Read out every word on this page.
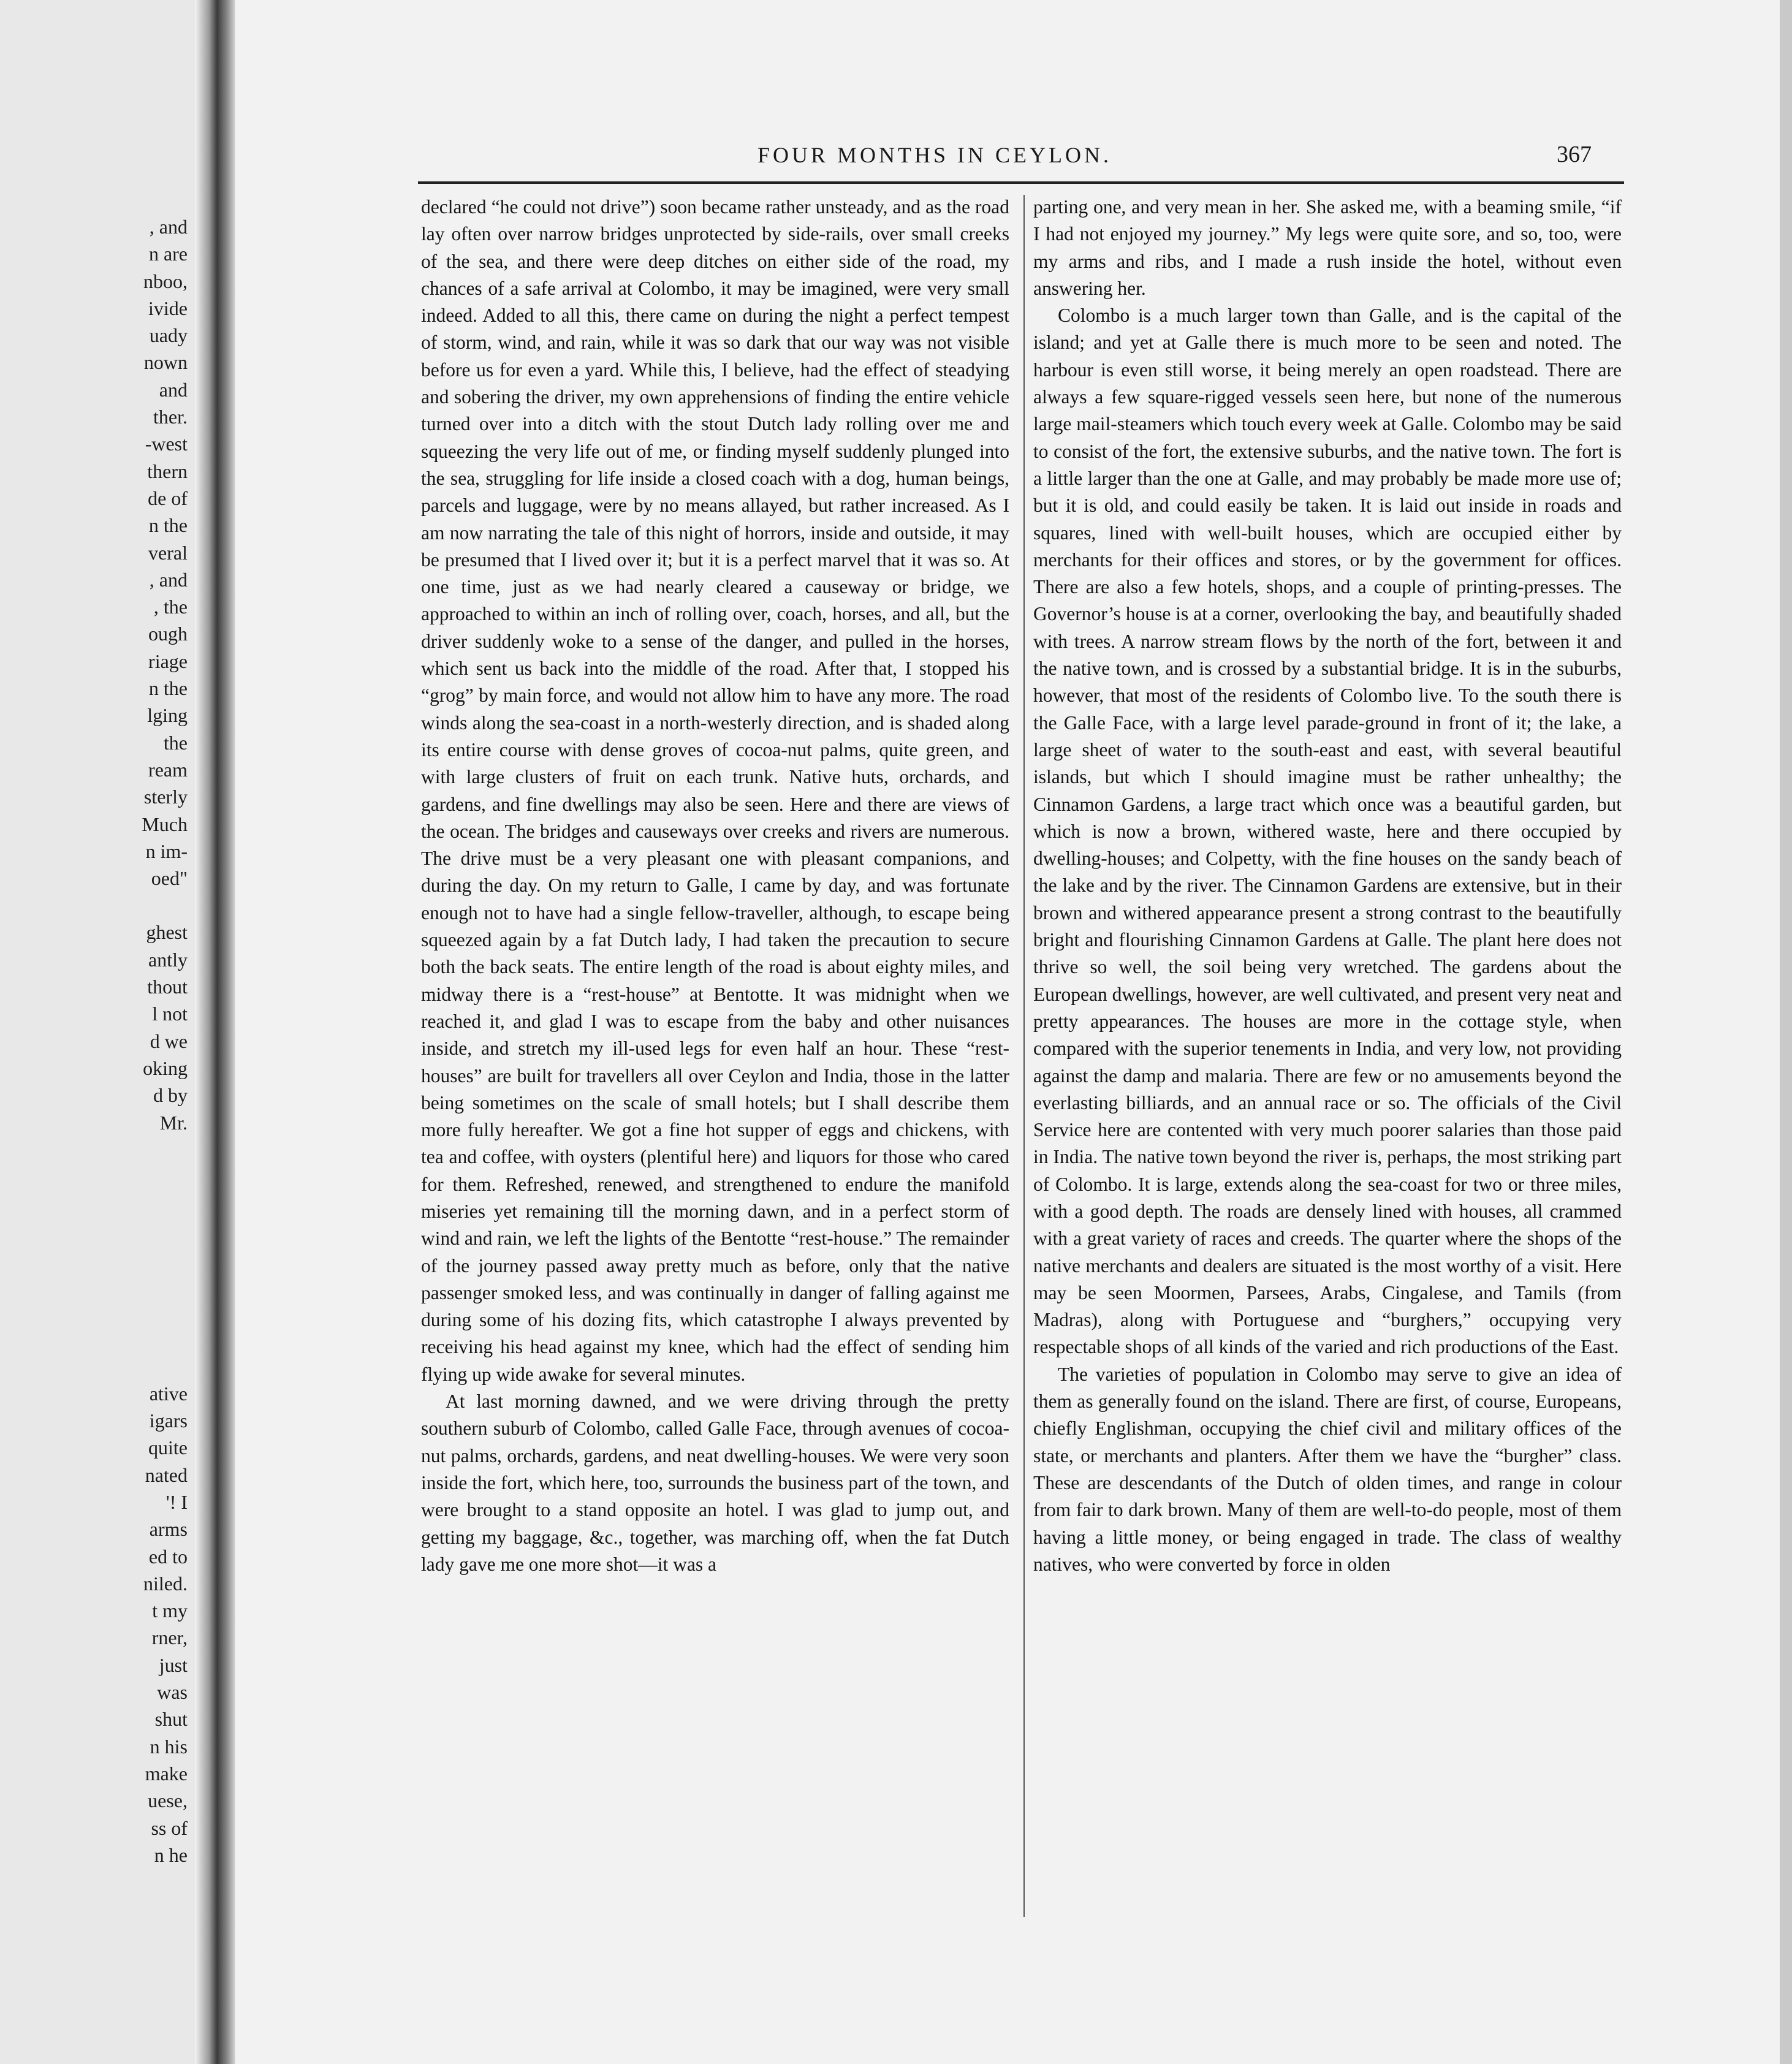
, and
n are
nboo,
ivide
uady
nown
and
ther.
-west
thern
de of
n the
veral
, and
, the
ough
riage
n the
lging
the
ream
sterly
Much
n im-
oed"
ghest
antly
thout
l not
d we
oking
d by
Mr.
ative
igars
quite
nated
'! I
arms
ed to
niled.
t my
rner,
just
was
shut
n his
make
uese,
ss of
n he
FOUR MONTHS IN CEYLON.	367

declared “he could not drive”) soon became rather unsteady, and as the road lay often over narrow bridges unprotected by side-rails, over small creeks of the sea, and there were deep ditches on either side of the road, my chances of a safe arrival at Colombo, it may be imagined, were very small indeed. Added to all this, there came on during the night a perfect tempest of storm, wind, and rain, while it was so dark that our way was not visible before us for even a yard. While this, I believe, had the effect of steadying and sobering the driver, my own apprehensions of finding the entire vehicle turned over into a ditch with the stout Dutch lady rolling over me and squeezing the very life out of me, or finding myself suddenly plunged into the sea, struggling for life inside a closed coach with a dog, human beings, parcels and luggage, were by no means allayed, but rather increased. As I am now narrating the tale of this night of horrors, inside and outside, it may be presumed that I lived over it; but it is a perfect marvel that it was so. At one time, just as we had nearly cleared a causeway or bridge, we approached to within an inch of rolling over, coach, horses, and all, but the driver suddenly woke to a sense of the danger, and pulled in the horses, which sent us back into the middle of the road. After that, I stopped his “grog” by main force, and would not allow him to have any more. The road winds along the sea-coast in a north-westerly direction, and is shaded along its entire course with dense groves of cocoa-nut palms, quite green, and with large clusters of fruit on each trunk. Native huts, orchards, and gardens, and fine dwellings may also be seen. Here and there are views of the ocean. The bridges and causeways over creeks and rivers are numerous. The drive must be a very pleasant one with pleasant companions, and during the day. On my return to Galle, I came by day, and was fortunate enough not to have had a single fellow-traveller, although, to escape being squeezed again by a fat Dutch lady, I had taken the precaution to secure both the back seats. The entire length of the road is about eighty miles, and midway there is a “rest-house” at Bentotte. It was midnight when we reached it, and glad I was to escape from the baby and other nuisances inside, and stretch my ill-used legs for even half an hour. These “rest-houses” are built for travellers all over Ceylon and India, those in the latter being sometimes on the scale of small hotels; but I shall describe them more fully hereafter. We got a fine hot supper of eggs and chickens, with tea and coffee, with oysters (plentiful here) and liquors for those who cared for them. Refreshed, renewed, and strengthened to endure the manifold miseries yet remaining till the morning dawn, and in a perfect storm of wind and rain, we left the lights of the Bentotte “rest-house.” The remainder of the journey passed away pretty much as before, only that the native passenger smoked less, and was continually in danger of falling against me during some of his dozing fits, which catastrophe I always prevented by receiving his head against my knee, which had the effect of sending him flying up wide awake for several minutes.

At last morning dawned, and we were driving through the pretty southern suburb of Colombo, called Galle Face, through avenues of cocoa-nut palms, orchards, gardens, and neat dwelling-houses. We were very soon inside the fort, which here, too, surrounds the business part of the town, and were brought to a stand opposite an hotel. I was glad to jump out, and getting my baggage, &c., together, was marching off, when the fat Dutch lady gave me one more shot—it was a

parting one, and very mean in her. She asked me, with a beaming smile, “if I had not enjoyed my journey.” My legs were quite sore, and so, too, were my arms and ribs, and I made a rush inside the hotel, without even answering her.

Colombo is a much larger town than Galle, and is the capital of the island; and yet at Galle there is much more to be seen and noted. The harbour is even still worse, it being merely an open roadstead. There are always a few square-rigged vessels seen here, but none of the numerous large mail-steamers which touch every week at Galle. Colombo may be said to consist of the fort, the extensive suburbs, and the native town. The fort is a little larger than the one at Galle, and may probably be made more use of; but it is old, and could easily be taken. It is laid out inside in roads and squares, lined with well-built houses, which are occupied either by merchants for their offices and stores, or by the government for offices. There are also a few hotels, shops, and a couple of printing-presses. The Governor’s house is at a corner, overlooking the bay, and beautifully shaded with trees. A narrow stream flows by the north of the fort, between it and the native town, and is crossed by a substantial bridge. It is in the suburbs, however, that most of the residents of Colombo live. To the south there is the Galle Face, with a large level parade-ground in front of it; the lake, a large sheet of water to the south-east and east, with several beautiful islands, but which I should imagine must be rather unhealthy; the Cinnamon Gardens, a large tract which once was a beautiful garden, but which is now a brown, withered waste, here and there occupied by dwelling-houses; and Colpetty, with the fine houses on the sandy beach of the lake and by the river. The Cinnamon Gardens are extensive, but in their brown and withered appearance present a strong contrast to the beautifully bright and flourishing Cinnamon Gardens at Galle. The plant here does not thrive so well, the soil being very wretched. The gardens about the European dwellings, however, are well cultivated, and present very neat and pretty appearances. The houses are more in the cottage style, when compared with the superior tenements in India, and very low, not providing against the damp and malaria. There are few or no amusements beyond the everlasting billiards, and an annual race or so. The officials of the Civil Service here are contented with very much poorer salaries than those paid in India. The native town beyond the river is, perhaps, the most striking part of Colombo. It is large, extends along the sea-coast for two or three miles, with a good depth. The roads are densely lined with houses, all crammed with a great variety of races and creeds. The quarter where the shops of the native merchants and dealers are situated is the most worthy of a visit. Here may be seen Moormen, Parsees, Arabs, Cingalese, and Tamils (from Madras), along with Portuguese and “burghers,” occupying very respectable shops of all kinds of the varied and rich productions of the East.

The varieties of population in Colombo may serve to give an idea of them as generally found on the island. There are first, of course, Europeans, chiefly Englishman, occupying the chief civil and military offices of the state, or merchants and planters. After them we have the “burgher” class. These are descendants of the Dutch of olden times, and range in colour from fair to dark brown. Many of them are well-to-do people, most of them having a little money, or being engaged in trade. The class of wealthy natives, who were converted by force in olden
